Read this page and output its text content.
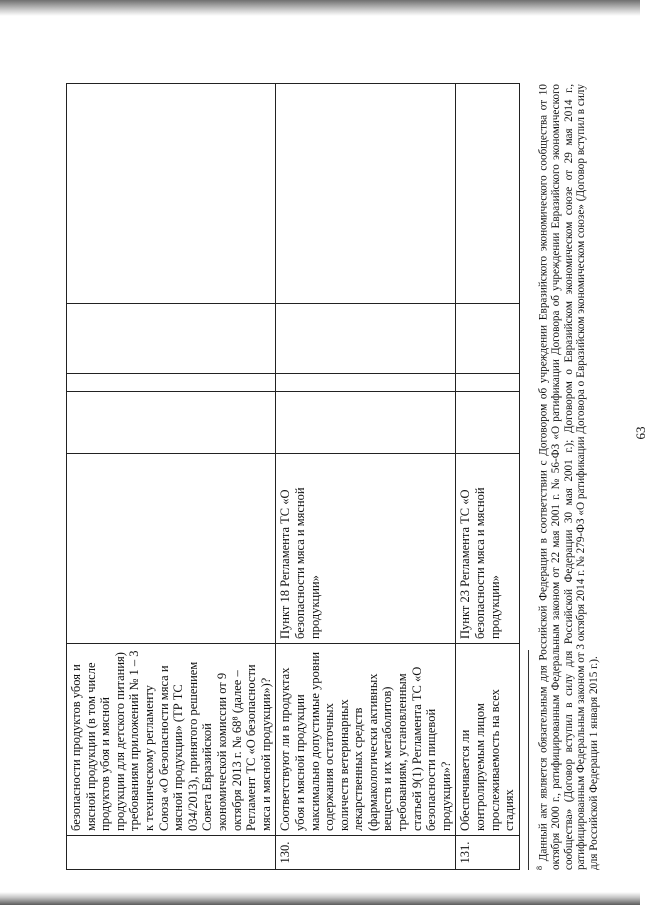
63
	безопасности продуктов убоя и мясной продукции (в том числе продуктов убоя и мясной продукции для детского питания) требованиям приложений № 1 – 3 к техническому регламенту Союза «О безопасности мяса и мясной продукции» (ТР ТС 034/2013), принятого решением Совета Евразийской экономической комиссии от 9 октября 2013 г. № 68⁸ (далее – Регламент ТС «О безопасности мяса и мясной продукции»)?					
130.	Соответствуют ли в продуктах убоя и мясной продукции максимально допустимые уровни содержания остаточных количеств ветеринарных лекарственных средств (фармакологически активных веществ и их метаболитов) требованиям, установленным статьей 9(1) Регламента ТС «О безопасности пищевой продукции»?	Пункт 18 Регламента ТС «О безопасности мяса и мясной продукции»				
131.	Обеспечивается ли контролируемым лицом прослеживаемость на всех стадиях	Пункт 23 Регламента ТС «О безопасности мяса и мясной продукции»				
$^8$ Данный акт является обязательным для Российской Федерации в соответствии с Договором об учреждении Евразийского экономического сообщества от 10 октября 2000 г., ратифицированным Федеральным законом от 22 мая 2001 г. № 56-ФЗ «О ратификации Договора об учреждении Евразийского экономического сообщества» (Договор вступил в силу для Российской Федерации 30 мая 2001 г.); Договором о Евразийском экономическом союзе от 29 мая 2014 г., ратифицированным Федеральным законом от 3 октября 2014 г. № 279-ФЗ «О ратификации Договора о Евразийском экономическом союзе» (Договор вступил в силу для Российской Федерации 1 января 2015 г.).
